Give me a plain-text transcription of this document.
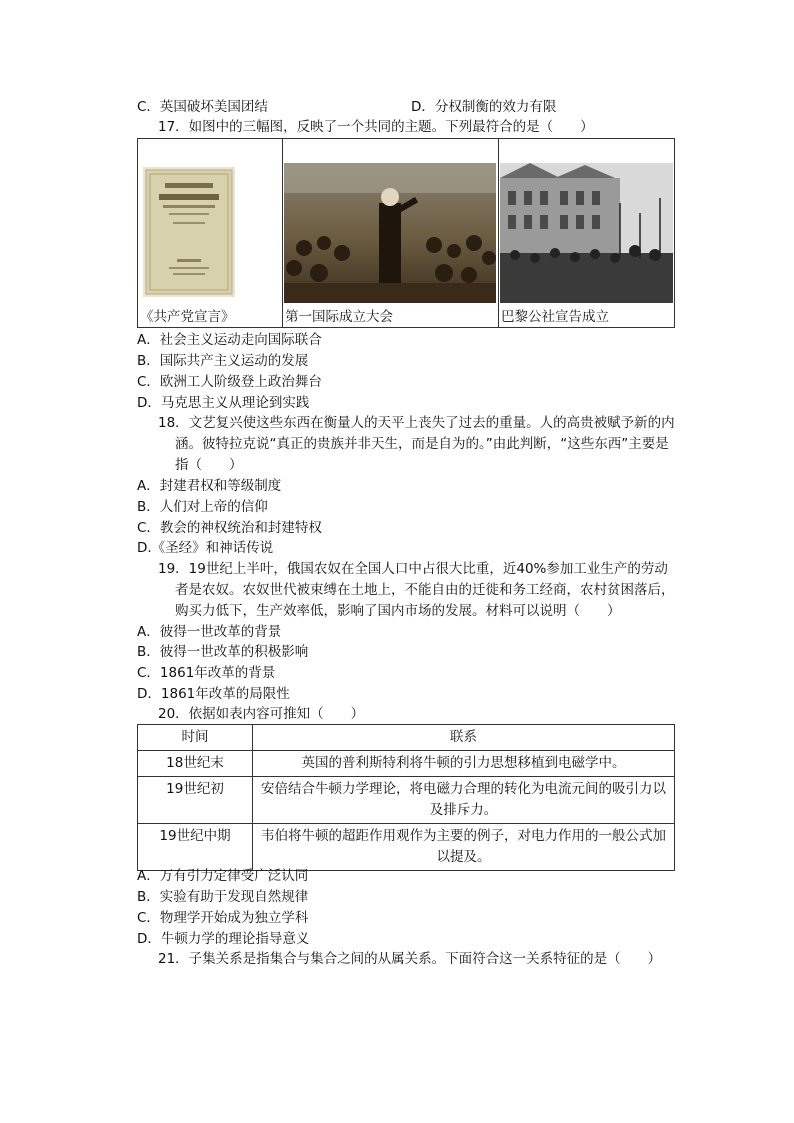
C．英国破坏美国团结	D．分权制衡的效力有限
17．如图中的三幅图，反映了一个共同的主题。下列最符合的是（　　）
《共产党宣言》	第一国际成立大会	巴黎公社宣告成立
A．社会主义运动走向国际联合
B．国际共产主义运动的发展
C．欧洲工人阶级登上政治舞台
D．马克思主义从理论到实践
18．文艺复兴使这些东西在衡量人的天平上丧失了过去的重量。人的高贵被赋予新的内涵。彼特拉克说“真正的贵族并非天生，而是自为的。”由此判断，“这些东西”主要是指（　　）
A．封建君权和等级制度
B．人们对上帝的信仰
C．教会的神权统治和封建特权
D.《圣经》和神话传说
19．19世纪上半叶，俄国农奴在全国人口中占很大比重，近40%参加工业生产的劳动者是农奴。农奴世代被束缚在土地上，不能自由的迁徙和务工经商，农村贫困落后，购买力低下，生产效率低，影响了国内市场的发展。材料可以说明（　　）
A．彼得一世改革的背景
B．彼得一世改革的积极影响
C．1861年改革的背景
D．1861年改革的局限性
20．依据如表内容可推知（　　）
时间	联系
18世纪末	英国的普利斯特利将牛顿的引力思想移植到电磁学中。
19世纪初	安倍结合牛顿力学理论，将电磁力合理的转化为电流元间的吸引力以及排斥力。
19世纪中期	韦伯将牛顿的超距作用观作为主要的例子，对电力作用的一般公式加以提及。
A．万有引力定律受广泛认同
B．实验有助于发现自然规律
C．物理学开始成为独立学科
D．牛顿力学的理论指导意义
21．子集关系是指集合与集合之间的从属关系。下面符合这一关系特征的是（　　）
